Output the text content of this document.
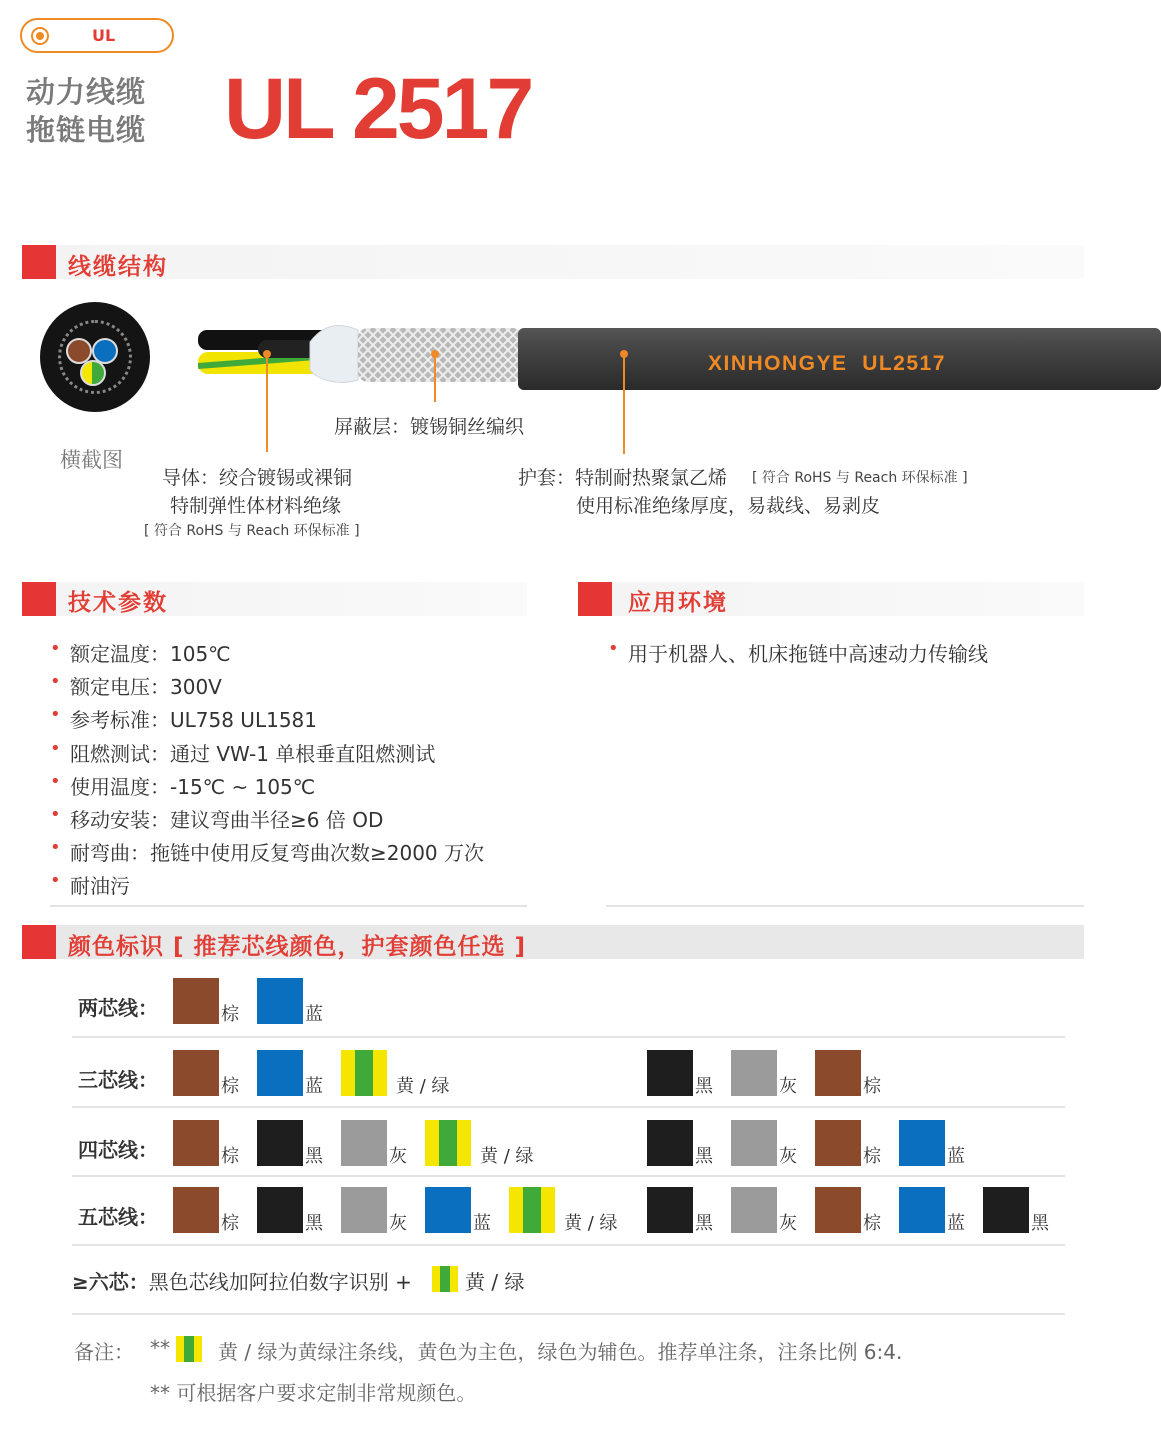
UL
动力线缆
拖链电缆 UL 2517
线缆结构
横截图
XINHONGYE  UL2517
屏蔽层：镀锡铜丝编织
导体：绞合镀锡或裸铜
特制弹性体材料绝缘
[ 符合 RoHS 与 Reach 环保标准 ]
护套：特制耐热聚氯乙烯 [ 符合 RoHS 与 Reach 环保标准 ]
使用标准绝缘厚度，易裁线、易剥皮
技术参数	应用环境
• 额定温度：105℃
• 额定电压：300V
• 参考标准：UL758 UL1581
• 阻燃测试：通过 VW-1 单根垂直阻燃测试
• 使用温度：-15℃ ~ 105℃
• 移动安装：建议弯曲半径≥6 倍 OD
• 耐弯曲：拖链中使用反复弯曲次数≥2000 万次
• 耐油污
• 用于机器人、机床拖链中高速动力传输线
颜色标识 [ 推荐芯线颜色，护套颜色任选 ]
两芯线：	棕	蓝
三芯线：	棕	蓝	黄 / 绿	黑	灰	棕
四芯线：	棕	黑	灰	黄 / 绿	黑	灰	棕	蓝
五芯线：	棕	黑	灰	蓝	黄 / 绿	黑	灰	棕	蓝	黑
≥六芯：黑色芯线加阿拉伯数字识别 +	黄 / 绿
备注： ** 黄 / 绿为黄绿注条线，黄色为主色，绿色为辅色。推荐单注条，注条比例 6:4.
** 可根据客户要求定制非常规颜色。
